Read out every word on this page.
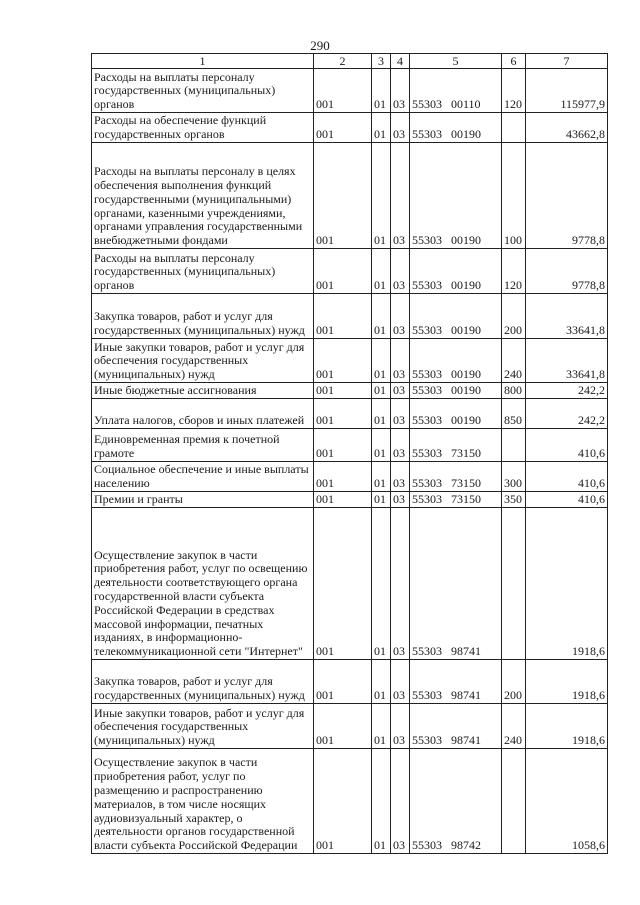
290
1	2	3	4	5	6	7
Расходы на выплаты персоналу государственных (муниципальных) органов	001	01	03	55303 00110	120	115977,9
Расходы на обеспечение функций государственных органов	001	01	03	55303 00190		43662,8
Расходы на выплаты персоналу в целях обеспечения выполнения функций государственными (муниципальными) органами, казенными учреждениями, органами управления государственными внебюджетными фондами	001	01	03	55303 00190	100	9778,8
Расходы на выплаты персоналу государственных (муниципальных) органов	001	01	03	55303 00190	120	9778,8
Закупка товаров, работ и услуг для государственных (муниципальных) нужд	001	01	03	55303 00190	200	33641,8
Иные закупки товаров, работ и услуг для обеспечения государственных (муниципальных) нужд	001	01	03	55303 00190	240	33641,8
Иные бюджетные ассигнования	001	01	03	55303 00190	800	242,2
Уплата налогов, сборов и иных платежей	001	01	03	55303 00190	850	242,2
Единовременная премия к почетной грамоте	001	01	03	55303 73150		410,6
Социальное обеспечение и иные выплаты населению	001	01	03	55303 73150	300	410,6
Премии и гранты	001	01	03	55303 73150	350	410,6
Осуществление закупок в части приобретения работ, услуг по освещению деятельности соответствующего органа государственной власти субъекта Российской Федерации в средствах массовой информации, печатных изданиях, в информационно-телекоммуникационной сети "Интернет"	001	01	03	55303 98741		1918,6
Закупка товаров, работ и услуг для государственных (муниципальных) нужд	001	01	03	55303 98741	200	1918,6
Иные закупки товаров, работ и услуг для обеспечения государственных (муниципальных) нужд	001	01	03	55303 98741	240	1918,6
Осуществление закупок в части приобретения работ, услуг по размещению и распространению материалов, в том числе носящих аудиовизуальный характер, о деятельности органов государственной власти субъекта Российской Федерации	001	01	03	55303 98742		1058,6
